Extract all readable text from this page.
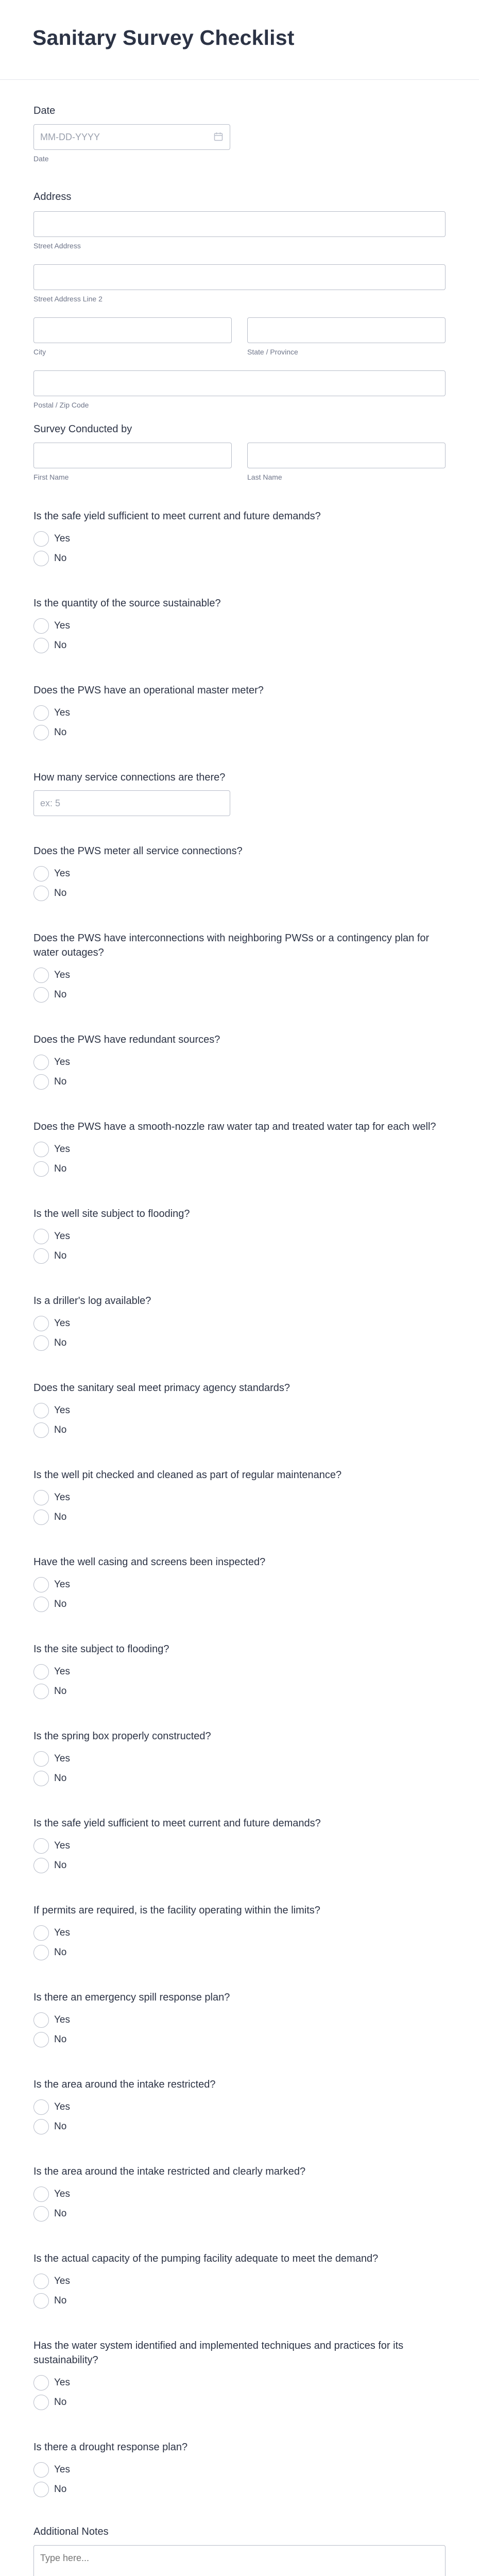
Sanitary Survey Checklist
Date
MM-DD-YYYY
Date
Address
Street Address
Street Address Line 2
City	State / Province
Postal / Zip Code
Survey Conducted by
First Name	Last Name
Is the safe yield sufficient to meet current and future demands?
Yes
No
Is the quantity of the source sustainable?
Yes
No
Does the PWS have an operational master meter?
Yes
No
How many service connections are there?
ex: 5
Does the PWS meter all service connections?
Yes
No
Does the PWS have interconnections with neighboring PWSs or a contingency plan for water outages?
Yes
No
Does the PWS have redundant sources?
Yes
No
Does the PWS have a smooth-nozzle raw water tap and treated water tap for each well?
Yes
No
Is the well site subject to flooding?
Yes
No
Is a driller's log available?
Yes
No
Does the sanitary seal meet primacy agency standards?
Yes
No
Is the well pit checked and cleaned as part of regular maintenance?
Yes
No
Have the well casing and screens been inspected?
Yes
No
Is the site subject to flooding?
Yes
No
Is the spring box properly constructed?
Yes
No
Is the safe yield sufficient to meet current and future demands?
Yes
No
If permits are required, is the facility operating within the limits?
Yes
No
Is there an emergency spill response plan?
Yes
No
Is the area around the intake restricted?
Yes
No
Is the area around the intake restricted and clearly marked?
Yes
No
Is the actual capacity of the pumping facility adequate to meet the demand?
Yes
No
Has the water system identified and implemented techniques and practices for its sustainability?
Yes
No
Is there a drought response plan?
Yes
No
Additional Notes
Type here...
